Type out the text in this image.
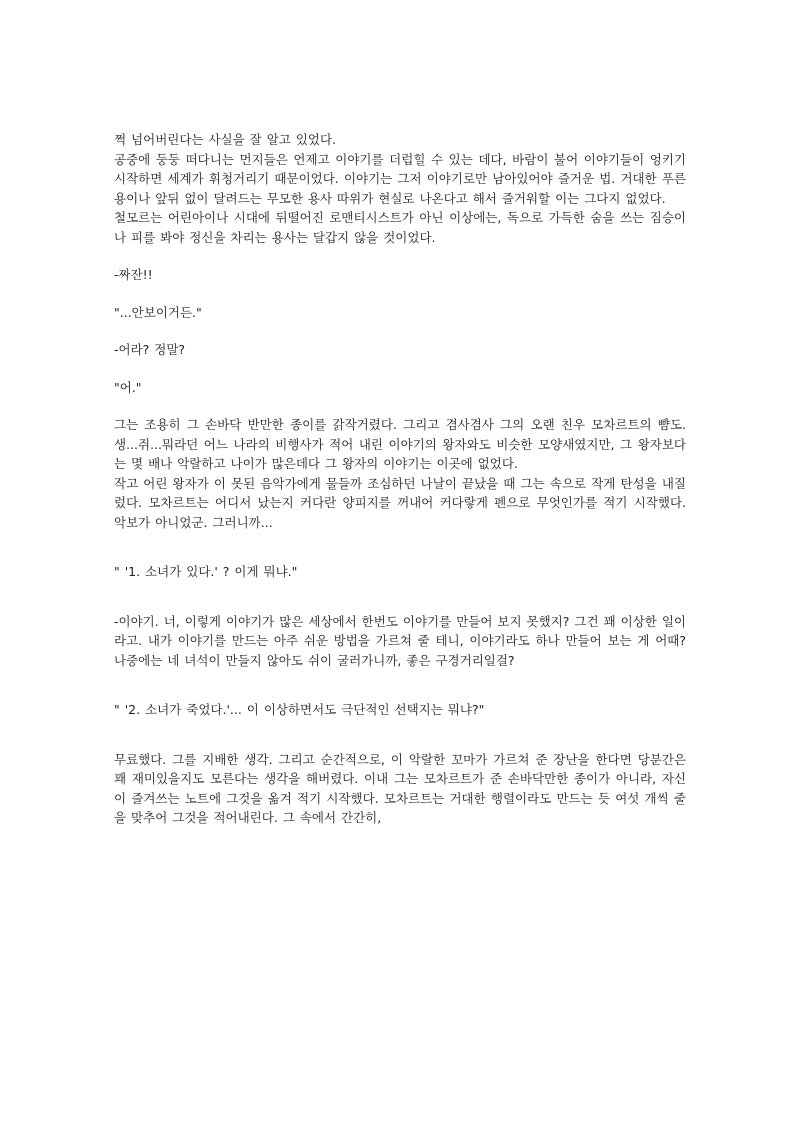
쩍 넘어버린다는 사실을 잘 알고 있었다.

공중에 둥둥 떠다니는 먼지들은 언제고 이야기를 더럽힐 수 있는 데다, 바람이 불어 이야기들이 엉키기 시작하면 세계가 휘청거리기 때문이었다. 이야기는 그저 이야기로만 남아있어야 즐거운 법. 거대한 푸른 용이나 앞뒤 없이 달려드는 무모한 용사 따위가 현실로 나온다고 해서 즐거워할 이는 그다지 없었다.

철모르는 어린아이나 시대에 뒤떨어진 로맨티시스트가 아닌 이상에는, 독으로 가득한 숨을 쓰는 짐승이나 피를 봐야 정신을 차리는 용사는 달갑지 않을 것이었다.

-짜잔!!

"...안보이거든."

-어라? 정말?

"어."

그는 조용히 그 손바닥 반만한 종이를 갉작거렸다. 그리고 겸사겸사 그의 오랜 친우 모차르트의 뺨도. 생...쥐...뭐라던 어느 나라의 비행사가 적어 내린 이야기의 왕자와도 비슷한 모양새였지만, 그 왕자보다는 몇 배나 악랄하고 나이가 많은데다 그 왕자의 이야기는 이곳에 없었다.

작고 어린 왕자가 이 못된 음악가에게 물들까 조심하던 나날이 끝났을 때 그는 속으로 작게 탄성을 내질렀다. 모차르트는 어디서 났는지 커다란 양피지를 꺼내어 커다랗게 펜으로 무엇인가를 적기 시작했다. 악보가 아니었군. 그러니까...

" '1. 소녀가 있다.' ? 이게 뭐냐."

-이야기. 너, 이렇게 이야기가 많은 세상에서 한번도 이야기를 만들어 보지 못했지? 그건 꽤 이상한 일이라고. 내가 이야기를 만드는 아주 쉬운 방법을 가르쳐 줄 테니, 이야기라도 하나 만들어 보는 게 어때? 나중에는 네 녀석이 만들지 않아도 쉬이 굴러가니까, 좋은 구경거리일걸?

" '2. 소녀가 죽었다.'... 이 이상하면서도 극단적인 선택지는 뭐냐?"

무료했다. 그를 지배한 생각. 그리고 순간적으로, 이 악랄한 꼬마가 가르쳐 준 장난을 한다면 당분간은 꽤 재미있을지도 모른다는 생각을 해버렸다. 이내 그는 모차르트가 준 손바닥만한 종이가 아니라, 자신이 즐겨쓰는 노트에 그것을 옮겨 적기 시작했다. 모차르트는 거대한 행렬이라도 만드는 듯 여섯 개씩 줄을 맞추어 그것을 적어내린다. 그 속에서 간간히,
